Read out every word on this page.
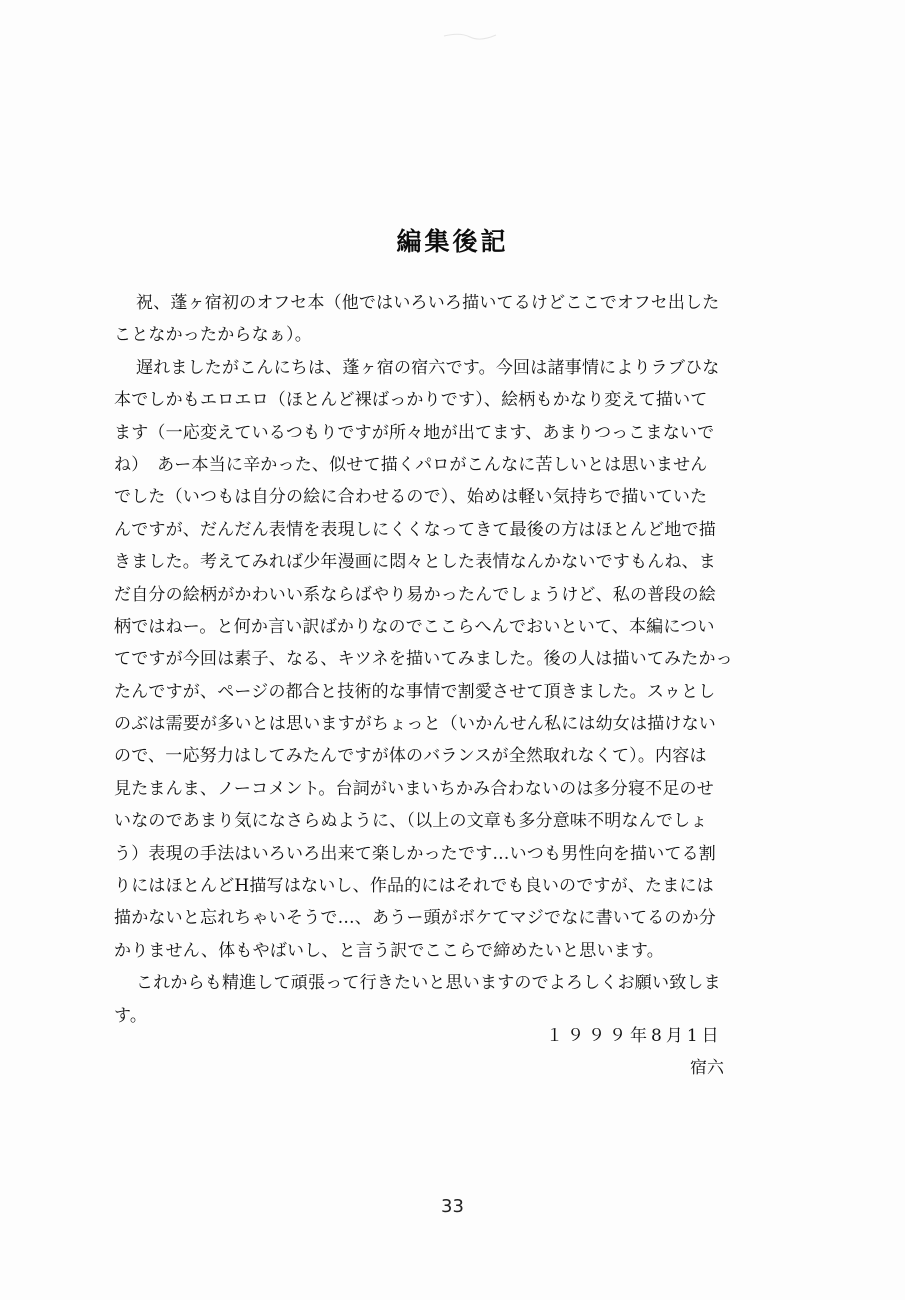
編集後記
祝、蓬ヶ宿初のオフセ本（他ではいろいろ描いてるけどここでオフセ出した
ことなかったからなぁ）。
遅れましたがこんにちは、蓬ヶ宿の宿六です。今回は諸事情によりラブひな
本でしかもエロエロ（ほとんど裸ばっかりです）、絵柄もかなり変えて描いて
ます（一応変えているつもりですが所々地が出てます、あまりつっこまないで
ね）　あー本当に辛かった、似せて描くパロがこんなに苦しいとは思いません
でした（いつもは自分の絵に合わせるので）、始めは軽い気持ちで描いていた
んですが、だんだん表情を表現しにくくなってきて最後の方はほとんど地で描
きました。考えてみれば少年漫画に悶々とした表情なんかないですもんね、ま
だ自分の絵柄がかわいい系ならばやり易かったんでしょうけど、私の普段の絵
柄ではねー。と何か言い訳ばかりなのでここらへんでおいといて、本編につい
てですが今回は素子、なる、キツネを描いてみました。後の人は描いてみたかっ
たんですが、ページの都合と技術的な事情で割愛させて頂きました。スゥとし
のぶは需要が多いとは思いますがちょっと（いかんせん私には幼女は描けない
ので、一応努力はしてみたんですが体のバランスが全然取れなくて）。内容は
見たまんま、ノーコメント。台詞がいまいちかみ合わないのは多分寝不足のせ
いなのであまり気になさらぬように、（以上の文章も多分意味不明なんでしょ
う）表現の手法はいろいろ出来て楽しかったです…いつも男性向を描いてる割
りにはほとんどH描写はないし、作品的にはそれでも良いのですが、たまには
描かないと忘れちゃいそうで…、あうー頭がボケてマジでなに書いてるのか分
かりません、体もやばいし、と言う訳でここらで締めたいと思います。
これからも精進して頑張って行きたいと思いますのでよろしくお願い致しま
す。
１９９９年8月1日
宿六
33
